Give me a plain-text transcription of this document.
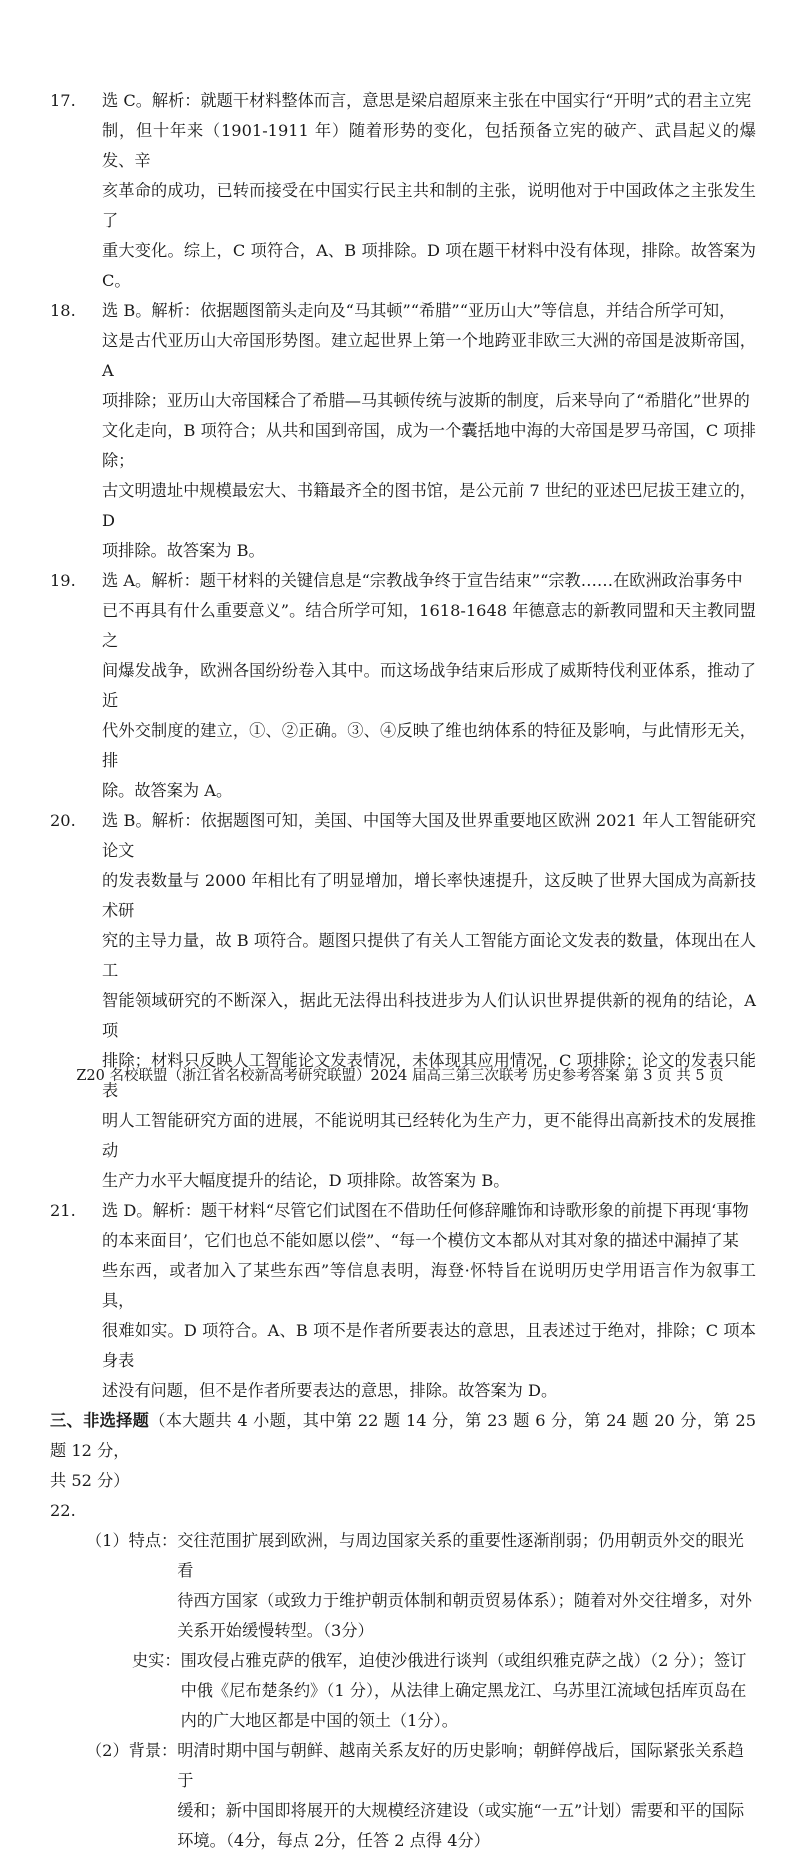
17.	选 C。解析：就题干材料整体而言，意思是梁启超原来主张在中国实行“开明”式的君主立宪
制，但十年来（1901-1911 年）随着形势的变化，包括预备立宪的破产、武昌起义的爆发、辛
亥革命的成功，已转而接受在中国实行民主共和制的主张，说明他对于中国政体之主张发生了
重大变化。综上，C 项符合，A、B 项排除。D 项在题干材料中没有体现，排除。故答案为 C。
18.	选 B。解析：依据题图箭头走向及“马其顿”“希腊”“亚历山大”等信息，并结合所学可知，
这是古代亚历山大帝国形势图。建立起世界上第一个地跨亚非欧三大洲的帝国是波斯帝国，A
项排除；亚历山大帝国糅合了希腊—马其顿传统与波斯的制度，后来导向了“希腊化”世界的
文化走向，B 项符合；从共和国到帝国，成为一个囊括地中海的大帝国是罗马帝国，C 项排除；
古文明遗址中规模最宏大、书籍最齐全的图书馆，是公元前 7 世纪的亚述巴尼拔王建立的，D
项排除。故答案为 B。
19.	选 A。解析：题干材料的关键信息是“宗教战争终于宣告结束”“宗教……在欧洲政治事务中
已不再具有什么重要意义”。结合所学可知，1618-1648 年德意志的新教同盟和天主教同盟之
间爆发战争，欧洲各国纷纷卷入其中。而这场战争结束后形成了威斯特伐利亚体系，推动了近
代外交制度的建立，①、②正确。③、④反映了维也纳体系的特征及影响，与此情形无关，排
除。故答案为 A。
20.	选 B。解析：依据题图可知，美国、中国等大国及世界重要地区欧洲 2021 年人工智能研究论文
的发表数量与 2000 年相比有了明显增加，增长率快速提升，这反映了世界大国成为高新技术研
究的主导力量，故 B 项符合。题图只提供了有关人工智能方面论文发表的数量，体现出在人工
智能领域研究的不断深入，据此无法得出科技进步为人们认识世界提供新的视角的结论，A 项
排除；材料只反映人工智能论文发表情况，未体现其应用情况，C 项排除；论文的发表只能表
明人工智能研究方面的进展，不能说明其已经转化为生产力，更不能得出高新技术的发展推动
生产力水平大幅度提升的结论，D 项排除。故答案为 B。
21.	选 D。解析：题干材料“尽管它们试图在不借助任何修辞雕饰和诗歌形象的前提下再现‘事物
的本来面目’，它们也总不能如愿以偿”、“每一个模仿文本都从对其对象的描述中漏掉了某
些东西，或者加入了某些东西”等信息表明，海登·怀特旨在说明历史学用语言作为叙事工具，
很难如实。D 项符合。A、B 项不是作者所要表达的意思，且表述过于绝对，排除；C 项本身表
述没有问题，但不是作者所要表达的意思，排除。故答案为 D。
三、非选择题（本大题共 4 小题，其中第 22 题 14 分，第 23 题 6 分，第 24 题 20 分，第 25 题 12 分，
共 52 分）
22.
（1）特点： 交往范围扩展到欧洲，与周边国家关系的重要性逐渐削弱；仍用朝贡外交的眼光看
待西方国家（或致力于维护朝贡体制和朝贡贸易体系）；随着对外交往增多，对外
关系开始缓慢转型。（3分）
史实： 围攻侵占雅克萨的俄军，迫使沙俄进行谈判（或组织雅克萨之战）（2 分）；签订
中俄《尼布楚条约》（1 分），从法律上确定黑龙江、乌苏里江流域包括库页岛在
内的广大地区都是中国的领土（1分）。
（2）背景： 明清时期中国与朝鲜、越南关系友好的历史影响；朝鲜停战后，国际紧张关系趋于
缓和；新中国即将展开的大规模经济建设（或实施“一五”计划）需要和平的国际
环境。（4分，每点 2分，任答 2 点得 4分）
Z20 名校联盟（浙江省名校新高考研究联盟）2024 届高三第三次联考 历史参考答案 第 3 页 共 5 页
